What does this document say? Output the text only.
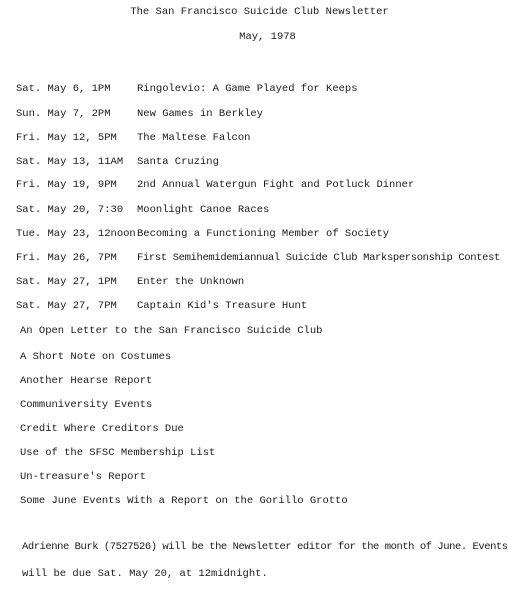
The San Francisco Suicide Club Newsletter
May, 1978
Sat. May 6, 1PM	Ringolevio: A Game Played for Keeps
Sun. May 7, 2PM	New Games in Berkley
Fri. May 12, 5PM The Maltese Falcon
Sat. May 13, 11AM Santa Cruzing
Fri. May 19, 9PM 2nd Annual Watergun Fight and Potluck Dinner
Sat. May 20, 7:30 Moonlight Canoe Races
Tue. May 23, 12noonBecoming a Functioning Member of Society
Fri. May 26, 7PM First Semihemidemiannual Suicide Club Markspersonship Contest
Sat. May 27, 1PM Enter the Unknown
Sat. May 27, 7PM Captain Kid's Treasure Hunt
An Open Letter to the San Francisco Suicide Club
A Short Note on Costumes
Another Hearse Report
Communiversity Events
Credit Where Creditors Due
Use of the SFSC Membership List
Un-treasure's Report
Some June Events With a Report on the Gorillo Grotto
Adrienne Burk (7527526) will be the Newsletter editor for the month of June. Events
will be due Sat. May 20, at 12midnight.
